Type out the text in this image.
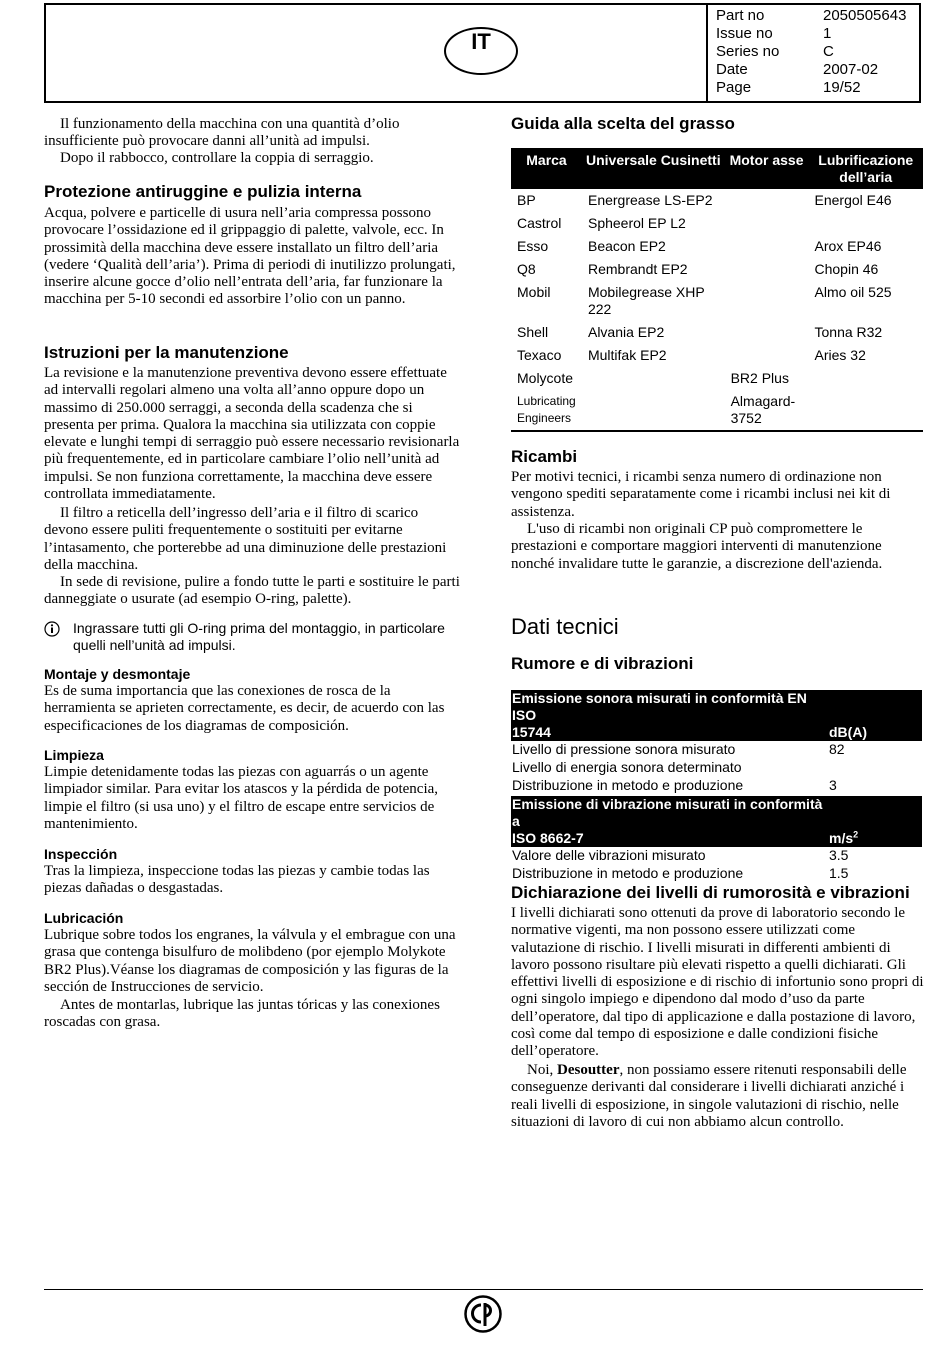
IT
Part no	2050505643
Issue no	1
Series no	C
Date	2007-02
Page	19/52

Il funzionamento della macchina con una quantità d’olio insufficiente può provocare danni all’unità ad impulsi.

Dopo il rabbocco, controllare la coppia di serraggio.

Protezione antiruggine e pulizia interna

Acqua, polvere e particelle di usura nell’aria compressa possono provocare l’ossidazione ed il grippaggio di palette, valvole, ecc. In prossimità della macchina deve essere installato un filtro dell’aria (vedere ‘Qualità dell’aria’). Prima di periodi di inutilizzo prolungati, inserire alcune gocce d’olio nell’entrata dell’aria, far funzionare la macchina per 5-10 secondi ed assorbire l’olio con un panno.

Istruzioni per la manutenzione

La revisione e la manutenzione preventiva devono essere effettuate ad intervalli regolari almeno una volta all’anno oppure dopo un massimo di 250.000 serraggi, a seconda della scadenza che si presenta per prima. Qualora la macchina sia utilizzata con coppie elevate e lunghi tempi di serraggio può essere necessario revisionarla più frequentemente, ed in particolare cambiare l’olio nell’unità ad impulsi. Se non funziona correttamente, la macchina deve essere controllata immediatamente.

Il filtro a reticella dell’ingresso dell’aria e il filtro di scarico devono essere puliti frequentemente o sostituiti per evitarne l’intasamento, che porterebbe ad una diminuzione delle prestazioni della macchina.

In sede di revisione, pulire a fondo tutte le parti e sostituire le parti danneggiate o usurate (ad esempio O-ring, palette).

Ingrassare tutti gli O-ring prima del montaggio, in particolare quelli nell’unità ad impulsi.

Montaje y desmontaje

Es de suma importancia que las conexiones de rosca de la herramienta se aprieten correctamente, es decir, de acuerdo con las especificaciones de los diagramas de composición.

Limpieza

Limpie detenidamente todas las piezas con aguarrás o un agente limpiador similar. Para evitar los atascos y la pérdida de potencia, limpie el filtro (si usa uno) y el filtro de escape entre servicios de mantenimiento.

Inspección

Tras la limpieza, inspeccione todas las piezas y cambie todas las piezas dañadas o desgastadas.

Lubricación

Lubrique sobre todos los engranes, la válvula y el embrague con una grasa que contenga bisulfuro de molibdeno (por ejemplo Molykote BR2 Plus).Véanse los diagramas de composición y las figuras de la sección de Instrucciones de servicio.

Antes de montarlas, lubrique las juntas tóricas y las conexiones roscadas con grasa.

Guida alla scelta del grasso
Marca	Universale Cusinetti	Motor asse	Lubrificazione dell’aria
BP	Energrease LS-EP2		Energol E46
Castrol	Spheerol EP L2		
Esso	Beacon EP2		Arox EP46
Q8	Rembrandt EP2		Chopin 46
Mobil	Mobilegrease XHP 222		Almo oil 525
Shell	Alvania EP2		Tonna R32
Texaco	Multifak EP2		Aries 32
Molycote		BR2 Plus	
Lubricating
Engineers		Almagard-
3752	
Ricambi

Per motivi tecnici, i ricambi senza numero di ordinazione non vengono spediti separatamente come i ricambi inclusi nei kit di assistenza.

L'uso di ricambi non originali CP può compromettere le prestazioni e comportare maggiori interventi di manutenzione nonché invalidare tutte le garanzie, a discrezione dell'azienda.

Dati tecnici
Rumore e di vibrazioni
Emissione sonora misurati in conformità EN ISO
15744	dB(A)
Livello di pressione sonora misurato	82
Livello di energia sonora determinato	
Distribuzione in metodo e produzione	3
Emissione di vibrazione misurati in conformità a
ISO 8662-7	$m/s^2$
Valore delle vibrazioni misurato	3.5
Distribuzione in metodo e produzione	1.5
Dichiarazione dei livelli di rumorosità e vibrazioni

I livelli dichiarati sono ottenuti da prove di laboratorio secondo le normative vigenti, ma non possono essere utilizzati come valutazione di rischio. I livelli misurati in differenti ambienti di lavoro possono risultare più elevati rispetto a quelli dichiarati. Gli effettivi livelli di esposizione e di rischio di infortunio sono propri di ogni singolo impiego e dipendono dal modo d’uso da parte dell’operatore, dal tipo di applicazione e dalla postazione di lavoro, così come dal tempo di esposizione e dalle condizioni fisiche dell’operatore.

Noi, Desoutter, non possiamo essere ritenuti responsabili delle conseguenze derivanti dal considerare i livelli dichiarati anziché i reali livelli di esposizione, in singole valutazioni di rischio, nelle situazioni di lavoro di cui non abbiamo alcun controllo.
